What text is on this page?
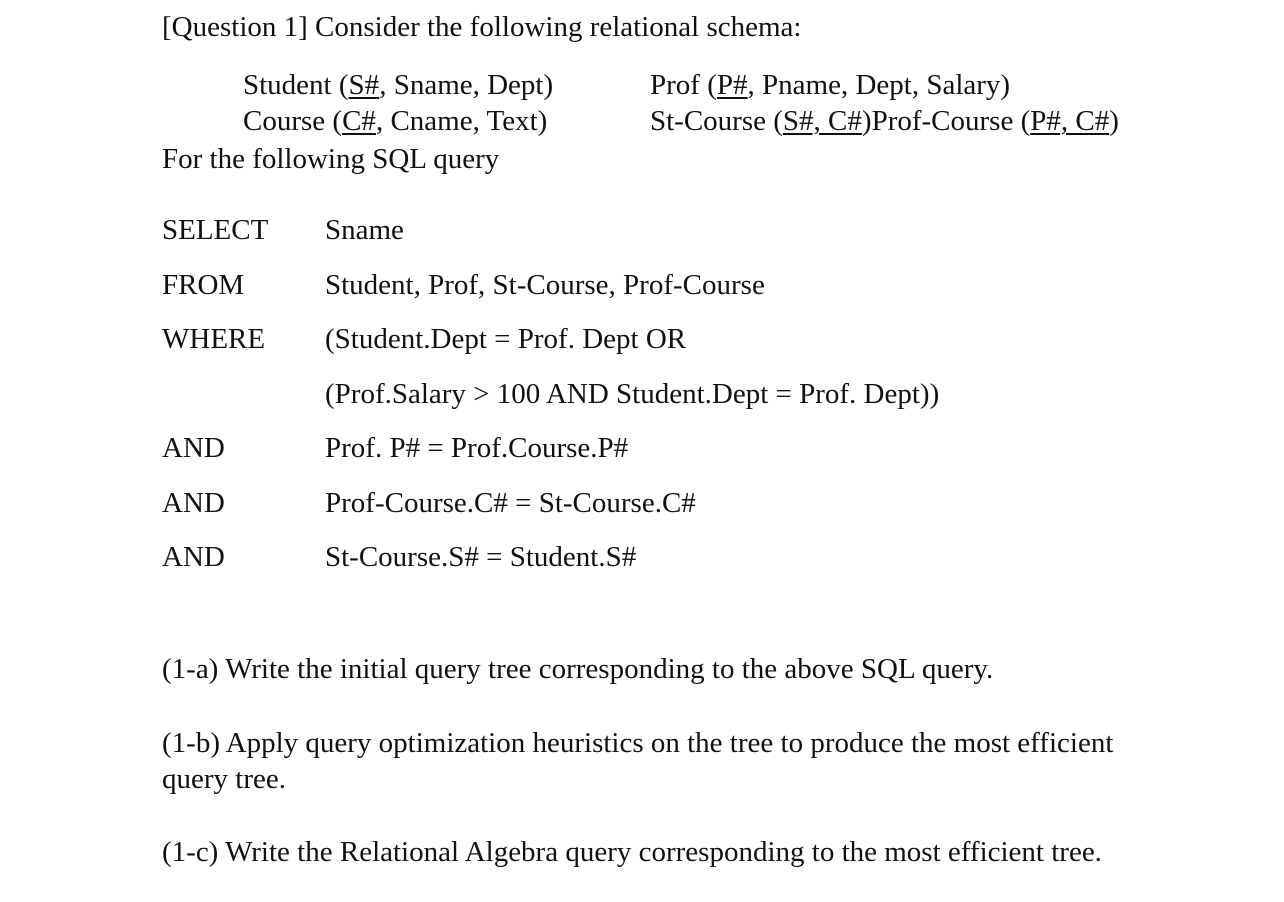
[Question 1] Consider the following relational schema:
Student (S#, Sname, Dept)	Prof (P#, Pname, Dept, Salary)
Course (C#, Cname, Text)	St-Course (S#, C#)Prof-Course (P#, C#)
For the following SQL query
SELECT Sname
FROM	Student, Prof, St-Course, Prof-Course
WHERE (Student.Dept = Prof. Dept OR
(Prof.Salary > 100 AND Student.Dept = Prof. Dept))
AND	Prof. P# = Prof.Course.P#
AND	Prof-Course.C# = St-Course.C#
AND	St-Course.S# = Student.S#
(1-a) Write the initial query tree corresponding to the above SQL query.
(1-b) Apply query optimization heuristics on the tree to produce the most efficient
query tree.
(1-c) Write the Relational Algebra query corresponding to the most efficient tree.
